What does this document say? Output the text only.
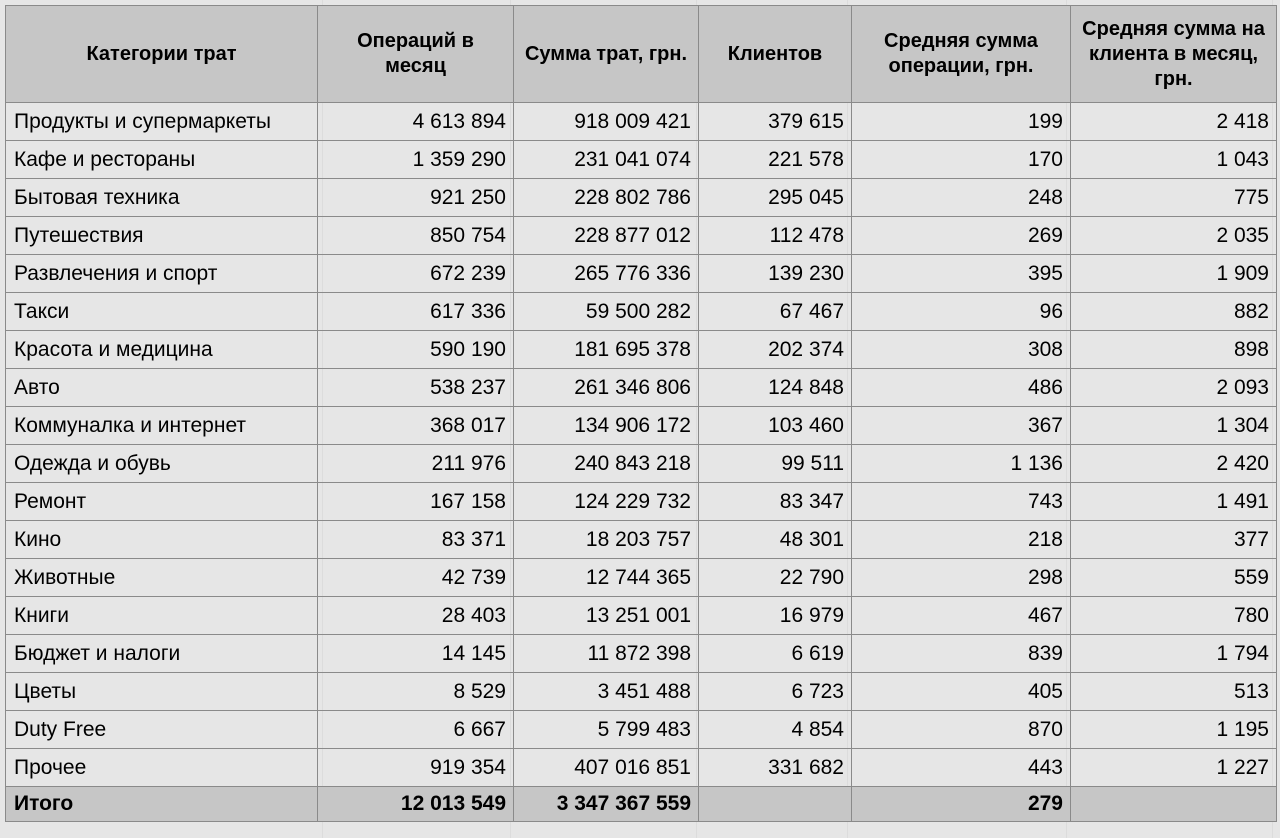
Категории трат	Операций в месяц	Сумма трат, грн.	Клиентов	Средняя сумма операции, грн.	Средняя сумма на клиента в месяц, грн.
Продукты и супермаркеты	4 613 894	918 009 421	379 615	199	2 418
Кафе и рестораны	1 359 290	231 041 074	221 578	170	1 043
Бытовая техника	921 250	228 802 786	295 045	248	775
Путешествия	850 754	228 877 012	112 478	269	2 035
Развлечения и спорт	672 239	265 776 336	139 230	395	1 909
Такси	617 336	59 500 282	67 467	96	882
Красота и медицина	590 190	181 695 378	202 374	308	898
Авто	538 237	261 346 806	124 848	486	2 093
Коммуналка и интернет	368 017	134 906 172	103 460	367	1 304
Одежда и обувь	211 976	240 843 218	99 511	1 136	2 420
Ремонт	167 158	124 229 732	83 347	743	1 491
Кино	83 371	18 203 757	48 301	218	377
Животные	42 739	12 744 365	22 790	298	559
Книги	28 403	13 251 001	16 979	467	780
Бюджет и налоги	14 145	11 872 398	6 619	839	1 794
Цветы	8 529	3 451 488	6 723	405	513
Duty Free	6 667	5 799 483	4 854	870	1 195
Прочее	919 354	407 016 851	331 682	443	1 227
Итого	12 013 549	3 347 367 559		279	
